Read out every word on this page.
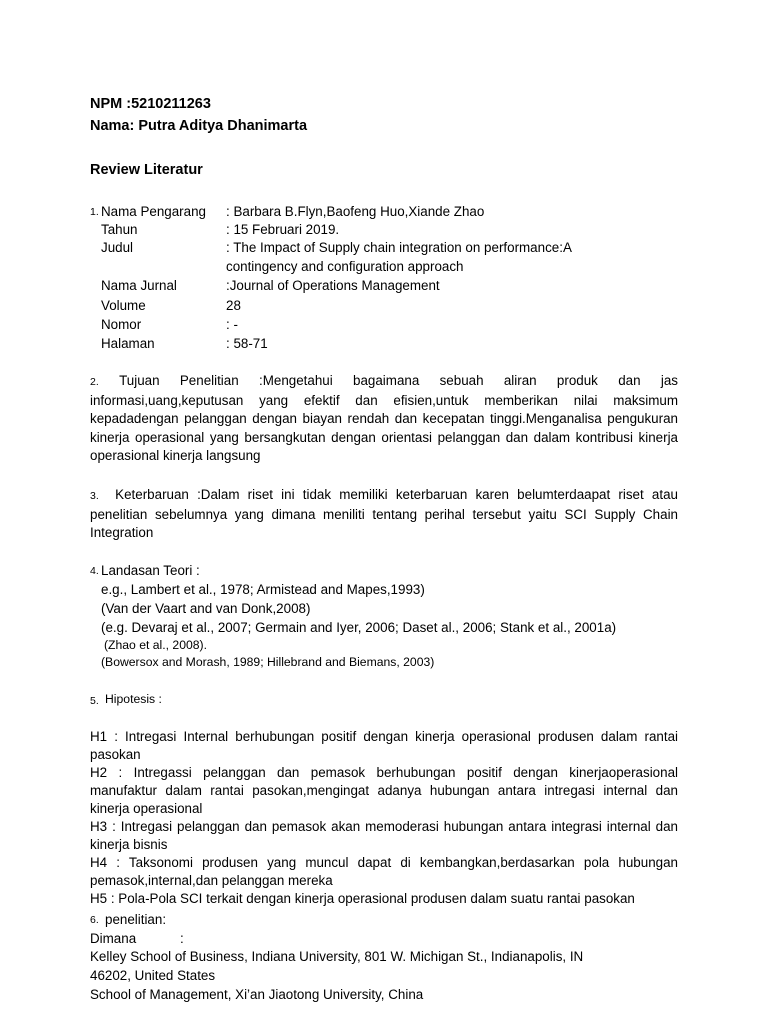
NPM :5210211263
Nama: Putra Aditya Dhanimarta
Review Literatur
1. Nama Pengarang : Barbara B.Flyn,Baofeng Huo,Xiande Zhao
Tahun	: 15 Februari 2019.
Judul	: The Impact of Supply chain integration on performance:A
contingency and configuration approach
Nama Jurnal	:Journal of Operations Management
Volume	28
Nomor	: -
Halaman	: 58-71

2. Tujuan Penelitian :Mengetahui bagaimana sebuah aliran produk dan jas informasi,uang,keputusan yang efektif dan efisien,untuk memberikan nilai maksimum kepadadengan pelanggan dengan biayan rendah dan kecepatan tinggi.Menganalisa pengukuran kinerja operasional yang bersangkutan dengan orientasi pelanggan dan dalam kontribusi kinerja operasional kinerja langsung

3. Keterbaruan :Dalam riset ini tidak memiliki keterbaruan karen belumterdaapat riset atau penelitian sebelumnya yang dimana meniliti tentang perihal tersebut yaitu SCI Supply Chain Integration

4. Landasan Teori :
e.g., Lambert et al., 1978; Armistead and Mapes,1993)
(Van der Vaart and van Donk,2008)
(e.g. Devaraj et al., 2007; Germain and Iyer, 2006; Daset al., 2006; Stank et al., 2001a)
(Zhao et al., 2008).
(Bowersox and Morash, 1989; Hillebrand and Biemans, 2003)
5. Hipotesis :

H1 : Intregasi Internal berhubungan positif dengan kinerja operasional produsen dalam rantai pasokan

H2 : Intregassi pelanggan dan pemasok berhubungan positif dengan kinerjaoperasional manufaktur dalam rantai pasokan,mengingat adanya hubungan antara intregasi internal dan kinerja operasional

H3 : Intregasi pelanggan dan pemasok akan memoderasi hubungan antara integrasi internal dan kinerja bisnis

H4 : Taksonomi produsen yang muncul dapat di kembangkan,berdasarkan pola hubungan pemasok,internal,dan pelanggan mereka

H5 : Pola-Pola SCI terkait dengan kinerja operasional produsen dalam suatu rantai pasokan

6. penelitian:
Dimana	:
Kelley School of Business, Indiana University, 801 W. Michigan St., Indianapolis, IN
46202, United States
School of Management, Xi’an Jiaotong University, China
